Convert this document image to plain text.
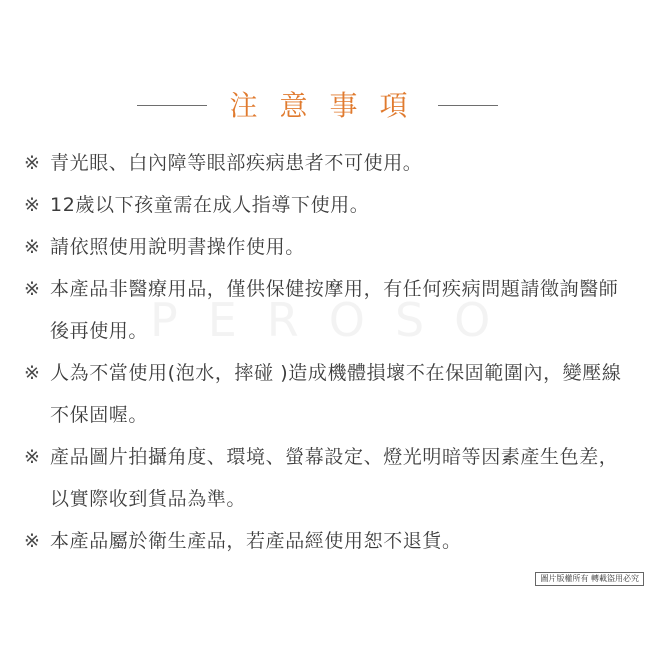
注意事項
PEROSO
※ 青光眼、白內障等眼部疾病患者不可使用。
※ 12歲以下孩童需在成人指導下使用。
※ 請依照使用說明書操作使用。
※ 本產品非醫療用品，僅供保健按摩用，有任何疾病問題請徵詢醫師後再使用。
※ 人為不當使用(泡水，摔碰 )造成機體損壞不在保固範圍內，變壓線不保固喔。
※ 產品圖片拍攝角度、環境、螢幕設定、燈光明暗等因素產生色差，以實際收到貨品為準。
※ 本產品屬於衛生產品，若產品經使用恕不退貨。
圖片版權所有 轉載盜用必究
